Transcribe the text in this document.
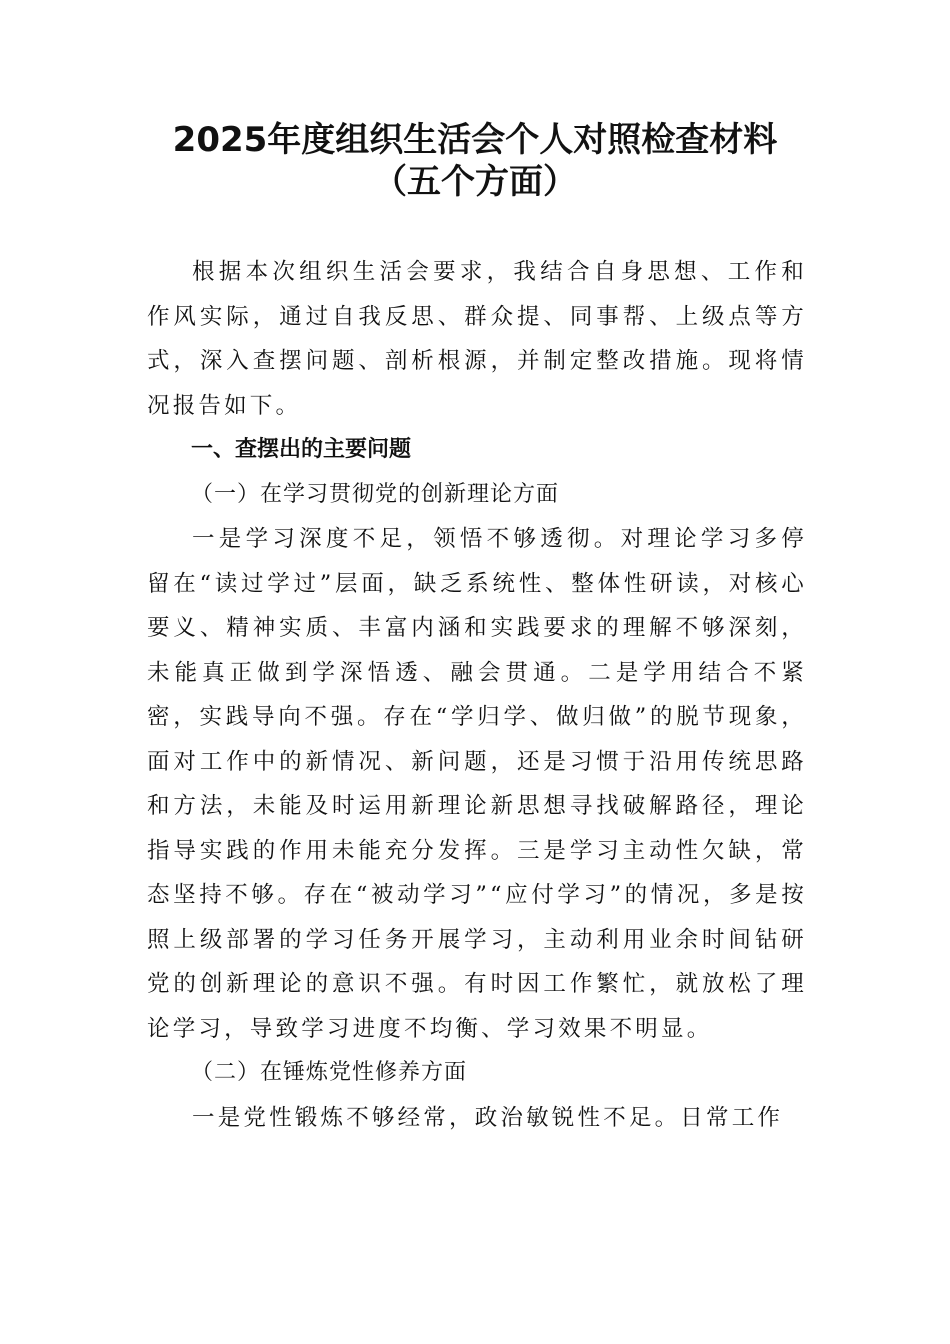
2025年度组织生活会个人对照检查材料
（五个方面）

根据本次组织生活会要求，我结合自身思想、工作和作风实际，通过自我反思、群众提、同事帮、上级点等方式，深入查摆问题、剖析根源，并制定整改措施。现将情况报告如下。

一、查摆出的主要问题

（一）在学习贯彻党的创新理论方面

一是学习深度不足，领悟不够透彻。对理论学习多停留在“读过学过”层面，缺乏系统性、整体性研读，对核心要义、精神实质、丰富内涵和实践要求的理解不够深刻，未能真正做到学深悟透、融会贯通。二是学用结合不紧密，实践导向不强。存在“学归学、做归做”的脱节现象，面对工作中的新情况、新问题，还是习惯于沿用传统思路和方法，未能及时运用新理论新思想寻找破解路径，理论指导实践的作用未能充分发挥。三是学习主动性欠缺，常态坚持不够。存在“被动学习”“应付学习”的情况，多是按照上级部署的学习任务开展学习，主动利用业余时间钻研党的创新理论的意识不强。有时因工作繁忙，就放松了理论学习，导致学习进度不均衡、学习效果不明显。

（二）在锤炼党性修养方面

一是党性锻炼不够经常，政治敏锐性不足。日常工作
